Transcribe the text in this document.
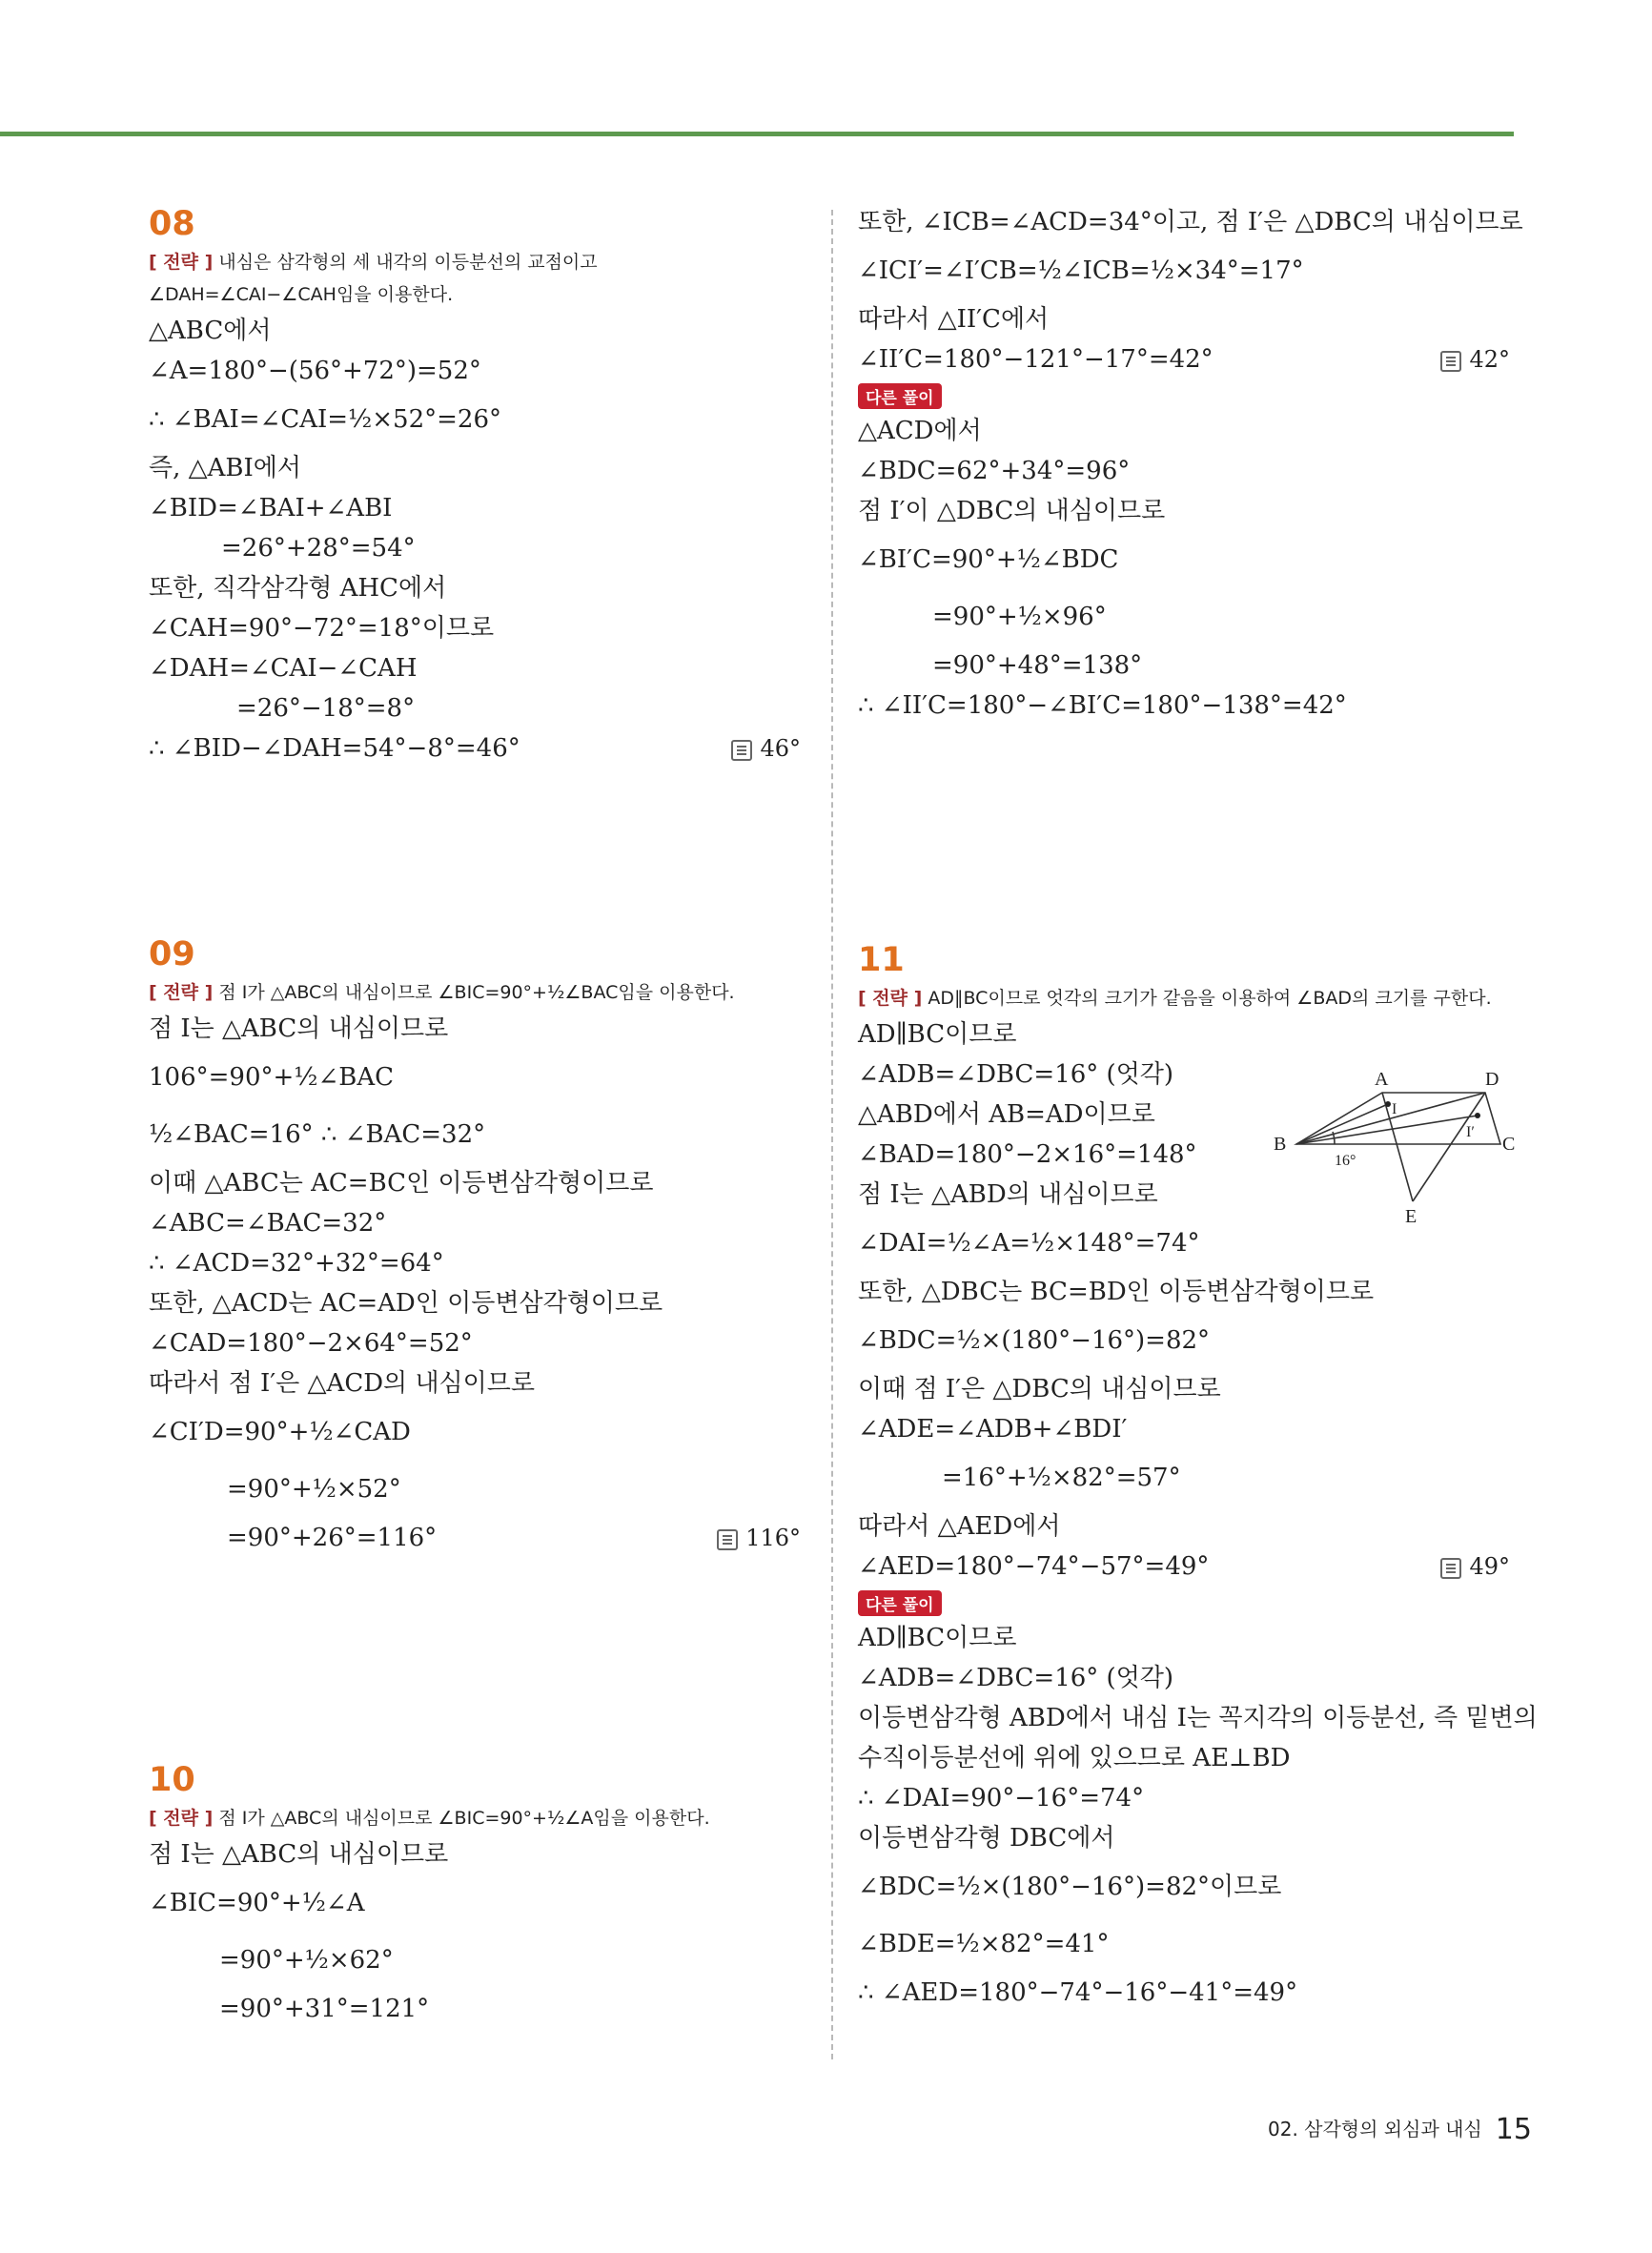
08
[ 전략 ] 내심은 삼각형의 세 내각의 이등분선의 교점이고
∠DAH=∠CAI−∠CAH임을 이용한다.
△ABC에서
∠A=180°−(56°+72°)=52°
∴ ∠BAI=∠CAI=½×52°=26°
즉, △ABI에서
∠BID=∠BAI+∠ABI
=26°+28°=54°
또한, 직각삼각형 AHC에서
∠CAH=90°−72°=18°이므로
∠DAH=∠CAI−∠CAH
=26°−18°=8°
∴ ∠BID−∠DAH=54°−8°=46°	46°
또한, ∠ICB=∠ACD=34°이고, 점 I′은 △DBC의 내심이므로
∠ICI′=∠I′CB=½∠ICB=½×34°=17°
따라서 △II′C에서
∠II′C=180°−121°−17°=42°	42°
다른 풀이
△ACD에서
∠BDC=62°+34°=96°
점 I′이 △DBC의 내심이므로
∠BI′C=90°+½∠BDC
=90°+½×96°
=90°+48°=138°
∴ ∠II′C=180°−∠BI′C=180°−138°=42°
09
[ 전략 ] 점 I가 △ABC의 내심이므로 ∠BIC=90°+½∠BAC임을 이용한다.
점 I는 △ABC의 내심이므로
106°=90°+½∠BAC
½∠BAC=16° ∴ ∠BAC=32°
이때 △ABC는 AC=BC인 이등변삼각형이므로
∠ABC=∠BAC=32°
∴ ∠ACD=32°+32°=64°
또한, △ACD는 AC=AD인 이등변삼각형이므로
∠CAD=180°−2×64°=52°
따라서 점 I′은 △ACD의 내심이므로
∠CI′D=90°+½∠CAD
=90°+½×52°
=90°+26°=116°	116°
10
[ 전략 ] 점 I가 △ABC의 내심이므로 ∠BIC=90°+½∠A임을 이용한다.
점 I는 △ABC의 내심이므로
∠BIC=90°+½∠A
=90°+½×62°
=90°+31°=121°
11
[ 전략 ] AD∥BC이므로 엇각의 크기가 같음을 이용하여 ∠BAD의 크기를 구한다.
AD∥BC이므로
∠ADB=∠DBC=16° (엇각)
△ABD에서 AB=AD이므로
∠BAD=180°−2×16°=148°
점 I는 △ABD의 내심이므로
∠DAI=½∠A=½×148°=74°
또한, △DBC는 BC=BD인 이등변삼각형이므로
∠BDC=½×(180°−16°)=82°
이때 점 I′은 △DBC의 내심이므로
∠ADE=∠ADB+∠BDI′
=16°+½×82°=57°
따라서 △AED에서
∠AED=180°−74°−57°=49°	49°
다른 풀이
AD∥BC이므로
∠ADB=∠DBC=16° (엇각)
이등변삼각형 ABD에서 내심 I는 꼭지각의 이등분선, 즉 밑변의
수직이등분선에 위에 있으므로 AE⊥BD
∴ ∠DAI=90°−16°=74°
이등변삼각형 DBC에서
∠BDC=½×(180°−16°)=82°이므로
∠BDE=½×82°=41°
∴ ∠AED=180°−74°−16°−41°=49°
A	D
B	C
E
I
I′
16°
02. 삼각형의 외심과 내심 15
